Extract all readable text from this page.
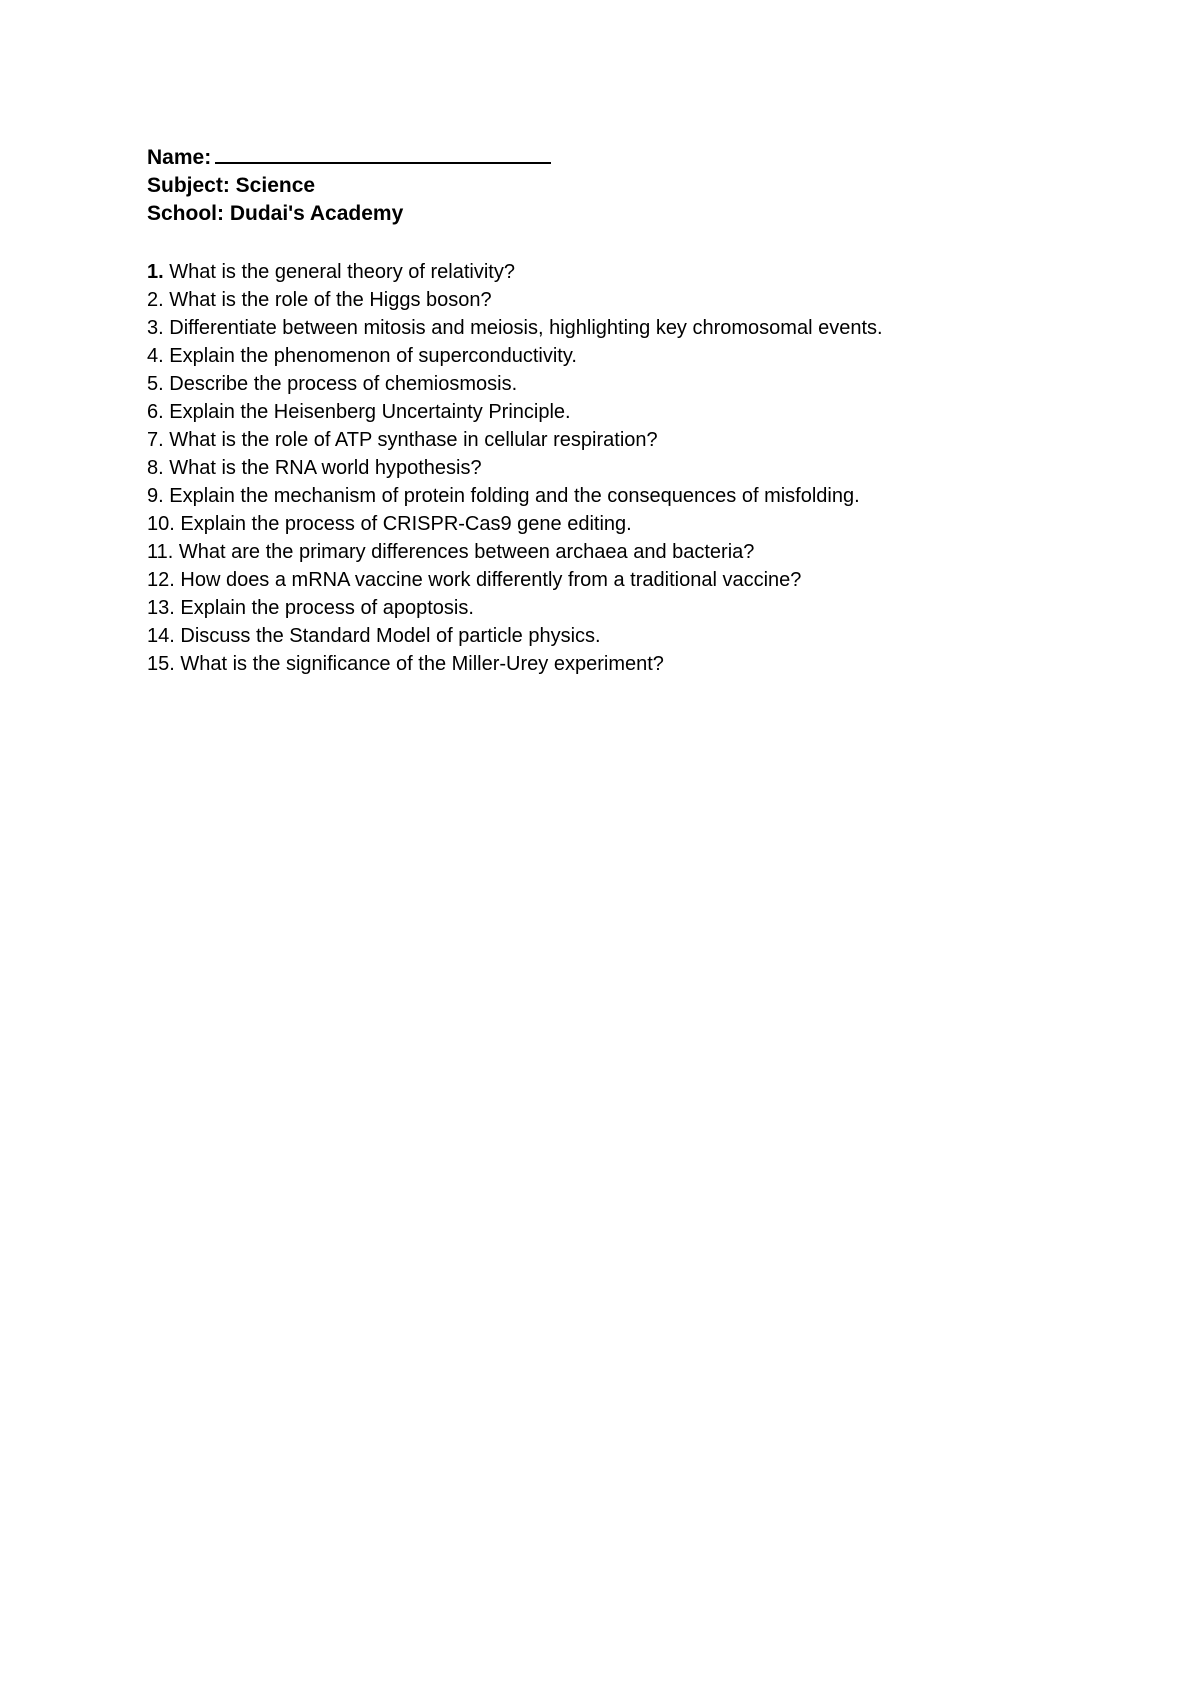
Name:
Subject: Science
School: Dudai's Academy
1. What is the general theory of relativity?
2. What is the role of the Higgs boson?
3. Differentiate between mitosis and meiosis, highlighting key chromosomal events.
4. Explain the phenomenon of superconductivity.
5. Describe the process of chemiosmosis.
6. Explain the Heisenberg Uncertainty Principle.
7. What is the role of ATP synthase in cellular respiration?
8. What is the RNA world hypothesis?
9. Explain the mechanism of protein folding and the consequences of misfolding.
10. Explain the process of CRISPR-Cas9 gene editing.
11. What are the primary differences between archaea and bacteria?
12. How does a mRNA vaccine work differently from a traditional vaccine?
13. Explain the process of apoptosis.
14. Discuss the Standard Model of particle physics.
15. What is the significance of the Miller-Urey experiment?
